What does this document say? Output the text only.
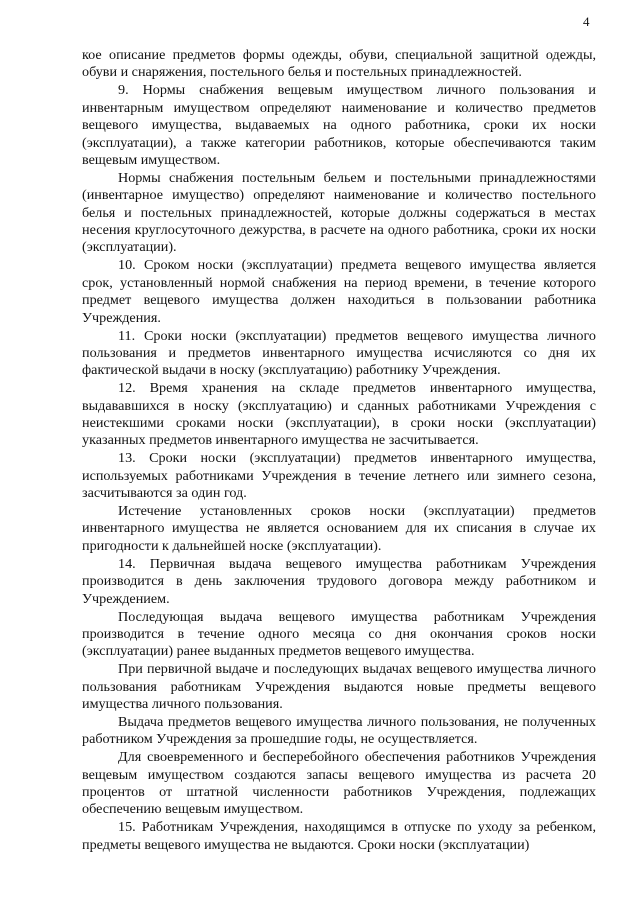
4

кое описание предметов формы одежды, обуви, специальной защитной одежды, обуви и снаряжения, постельного белья и постельных принадлежностей.

9. Нормы снабжения вещевым имуществом личного пользования и инвентарным имуществом определяют наименование и количество предметов вещевого имущества, выдаваемых на одного работника, сроки их носки (эксплуатации), а также категории работников, которые обеспечиваются таким вещевым имуществом.

Нормы снабжения постельным бельем и постельными принадлежностями (инвентарное имущество) определяют наименование и количество постельного белья и постельных принадлежностей, которые должны содержаться в местах несения круглосуточного дежурства, в расчете на одного работника, сроки их носки (эксплуатации).

10. Сроком носки (эксплуатации) предмета вещевого имущества является срок, установленный нормой снабжения на период времени, в течение которого предмет вещевого имущества должен находиться в пользовании работника Учреждения.

11. Сроки носки (эксплуатации) предметов вещевого имущества личного пользования и предметов инвентарного имущества исчисляются со дня их фактической выдачи в носку (эксплуатацию) работнику Учреждения.

12. Время хранения на складе предметов инвентарного имущества, выдававшихся в носку (эксплуатацию) и сданных работниками Учреждения с неистекшими сроками носки (эксплуатации), в сроки носки (эксплуатации) указанных предметов инвентарного имущества не засчитывается.

13. Сроки носки (эксплуатации) предметов инвентарного имущества, используемых работниками Учреждения в течение летнего или зимнего сезона, засчитываются за один год.

Истечение установленных сроков носки (эксплуатации) предметов инвентарного имущества не является основанием для их списания в случае их пригодности к дальнейшей носке (эксплуатации).

14. Первичная выдача вещевого имущества работникам Учреждения производится в день заключения трудового договора между работником и Учреждением.

Последующая выдача вещевого имущества работникам Учреждения производится в течение одного месяца со дня окончания сроков носки (эксплуатации) ранее выданных предметов вещевого имущества.

При первичной выдаче и последующих выдачах вещевого имущества личного пользования работникам Учреждения выдаются новые предметы вещевого имущества личного пользования.

Выдача предметов вещевого имущества личного пользования, не полученных работником Учреждения за прошедшие годы, не осуществляется.

Для своевременного и бесперебойного обеспечения работников Учреждения вещевым имуществом создаются запасы вещевого имущества из расчета 20 процентов от штатной численности работников Учреждения, подлежащих обеспечению вещевым имуществом.

15. Работникам Учреждения, находящимся в отпуске по уходу за ребенком, предметы вещевого имущества не выдаются. Сроки носки (эксплуатации)
